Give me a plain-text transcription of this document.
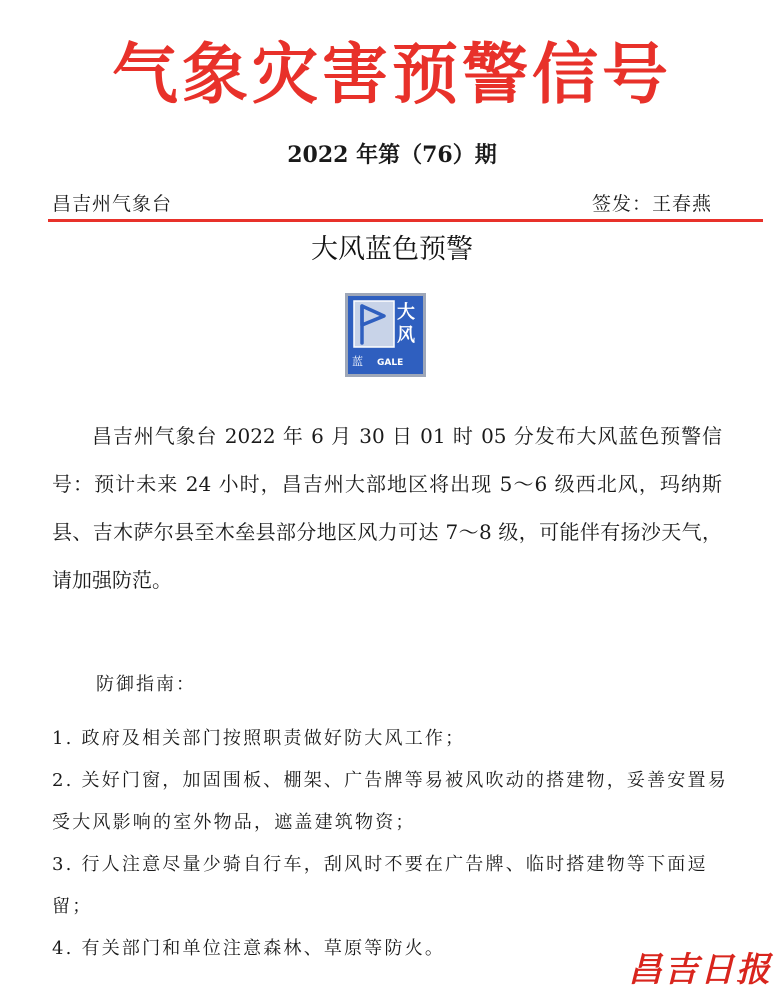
气象灾害预警信号
2022 年第（76）期
昌吉州气象台	签发：王春燕
大风蓝色预警
大
风
蓝 GALE

昌吉州气象台 2022 年 6 月 30 日 01 时 05 分发布大风蓝色预警信号：预计未来 24 小时，昌吉州大部地区将出现 5～6 级西北风，玛纳斯县、吉木萨尔县至木垒县部分地区风力可达 7～8 级，可能伴有扬沙天气，请加强防范。

防御指南：

1. 政府及相关部门按照职责做好防大风工作；

2. 关好门窗，加固围板、棚架、广告牌等易被风吹动的搭建物，妥善安置易受大风影响的室外物品，遮盖建筑物资；

3. 行人注意尽量少骑自行车，刮风时不要在广告牌、临时搭建物等下面逗留；

4. 有关部门和单位注意森林、草原等防火。

昌吉日报
